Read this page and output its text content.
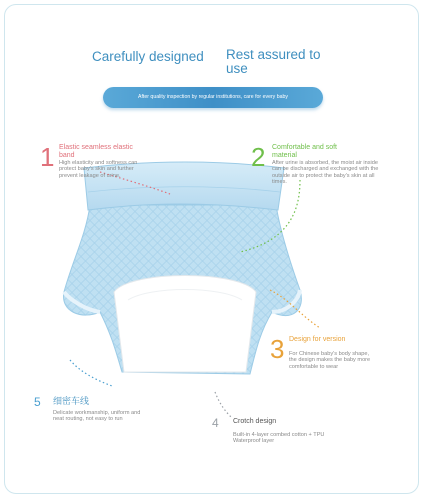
Carefully designed Rest assured to use
After quality inspection by regular institutions, care for every baby
1 Elastic seamless elastic band
High elasticity and softness can protect baby's skin and further prevent leakage of urine.
2 Comfortable and soft material
After urine is absorbed, the moist air inside can be discharged and exchanged with the outside air to protect the baby's skin at all times.
3 Design for version
For Chinese baby's body shape, the design makes the baby more comfortable to wear
4 Crotch design
Built-in 4-layer combed cotton + TPU Waterproof layer
5 细密车线
Delicate workmanship, uniform and neat routing, not easy to run
